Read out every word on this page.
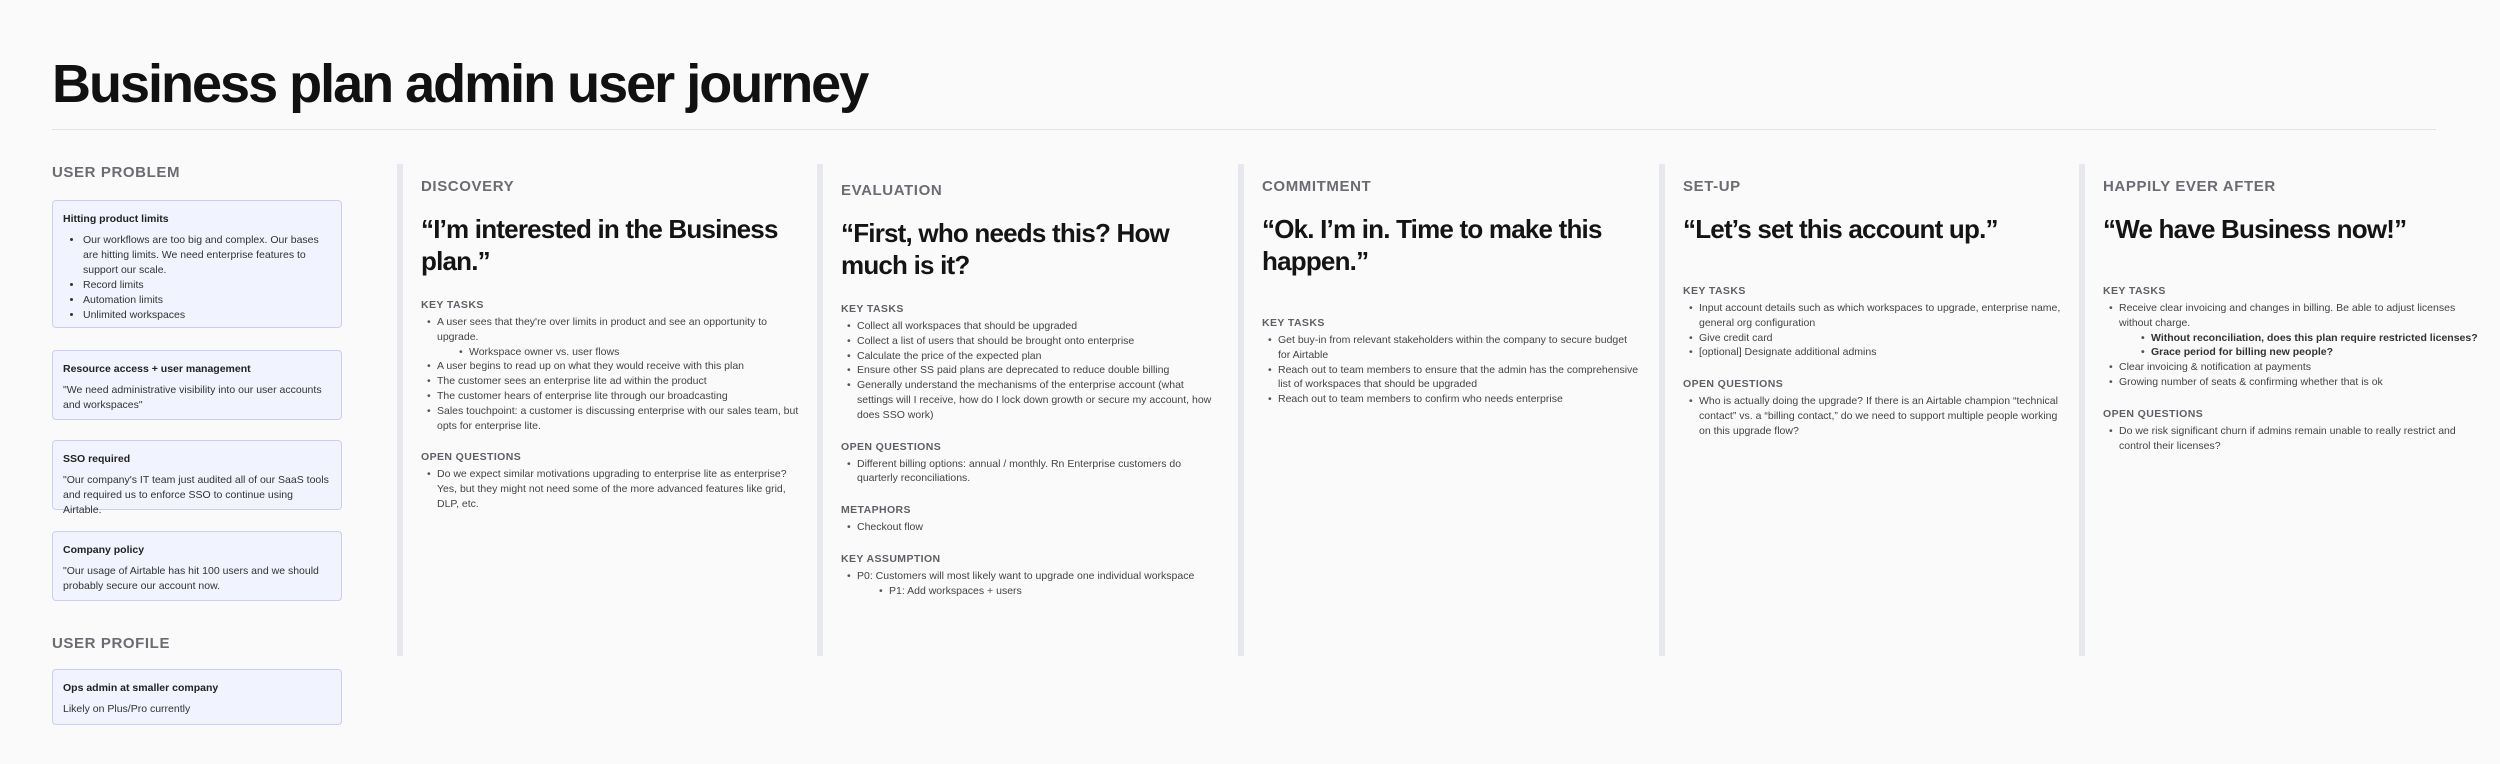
Business plan admin user journey
USER PROBLEM
Hitting product limits
• Our workflows are too big and complex. Our bases are hitting limits. We need enterprise features to support our scale.
• Record limits
• Automation limits
• Unlimited workspaces
Resource access + user management
"We need administrative visibility into our user accounts and workspaces"
SSO required
"Our company's IT team just audited all of our SaaS tools and required us to enforce SSO to continue using Airtable.
Company policy
"Our usage of Airtable has hit 100 users and we should probably secure our account now.
USER PROFILE
Ops admin at smaller company
Likely on Plus/Pro currently
DISCOVERY
“I’m interested in the Business plan.”
KEY TASKS
• A user sees that they're over limits in product and see an opportunity to upgrade.
• Workspace owner vs. user flows
• A user begins to read up on what they would receive with this plan
• The customer sees an enterprise lite ad within the product
• The customer hears of enterprise lite through our broadcasting
• Sales touchpoint: a customer is discussing enterprise with our sales team, but opts for enterprise lite.
OPEN QUESTIONS
• Do we expect similar motivations upgrading to enterprise lite as enterprise? Yes, but they might not need some of the more advanced features like grid, DLP, etc.
EVALUATION
“First, who needs this? How much is it?
KEY TASKS
• Collect all workspaces that should be upgraded
• Collect a list of users that should be brought onto enterprise
• Calculate the price of the expected plan
• Ensure other SS paid plans are deprecated to reduce double billing
• Generally understand the mechanisms of the enterprise account (what settings will I receive, how do I lock down growth or secure my account, how does SSO work)
OPEN QUESTIONS
• Different billing options: annual / monthly. Rn Enterprise customers do quarterly reconciliations.
METAPHORS
• Checkout flow
KEY ASSUMPTION
• P0: Customers will most likely want to upgrade one individual workspace
• P1: Add workspaces + users
COMMITMENT
“Ok. I’m in. Time to make this happen.”
KEY TASKS
• Get buy-in from relevant stakeholders within the company to secure budget for Airtable
• Reach out to team members to ensure that the admin has the comprehensive list of workspaces that should be upgraded
• Reach out to team members to confirm who needs enterprise
SET-UP
“Let’s set this account up.”
KEY TASKS
• Input account details such as which workspaces to upgrade, enterprise name, general org configuration
• Give credit card
• [optional] Designate additional admins
OPEN QUESTIONS
• Who is actually doing the upgrade? If there is an Airtable champion “technical contact” vs. a “billing contact,” do we need to support multiple people working on this upgrade flow?
HAPPILY EVER AFTER
“We have Business now!”
KEY TASKS
• Receive clear invoicing and changes in billing. Be able to adjust licenses without charge.
• Without reconciliation, does this plan require restricted licenses?
• Grace period for billing new people?
• Clear invoicing & notification at payments
• Growing number of seats & confirming whether that is ok
OPEN QUESTIONS
• Do we risk significant churn if admins remain unable to really restrict and control their licenses?
